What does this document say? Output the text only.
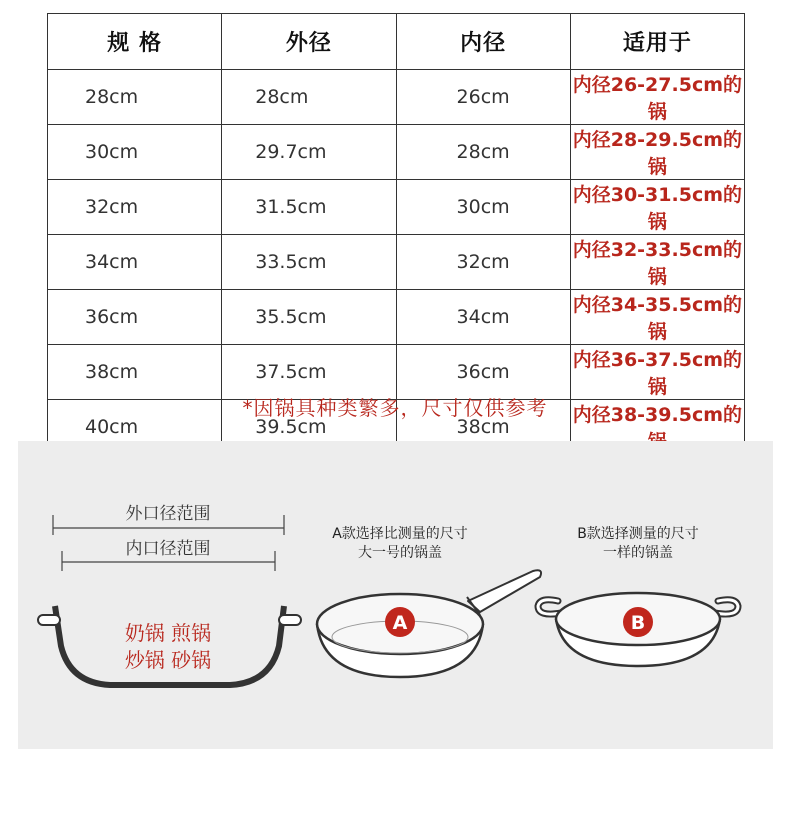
规 格	外径	内径	适用于
28cm	28cm	26cm	内径26-27.5cm的锅
30cm	29.7cm	28cm	内径28-29.5cm的锅
32cm	31.5cm	30cm	内径30-31.5cm的锅
34cm	33.5cm	32cm	内径32-33.5cm的锅
36cm	35.5cm	34cm	内径34-35.5cm的锅
38cm	37.5cm	36cm	内径36-37.5cm的锅
40cm	39.5cm	38cm	内径38-39.5cm的

*因锅具种类繁多，尺寸仅供参考
外口径范围
内口径范围
奶锅 煎锅
炒锅 砂锅
A款选择比测量的尺寸
大一号的锅盖
A
B款选择测量的尺寸
一样的锅盖
B
